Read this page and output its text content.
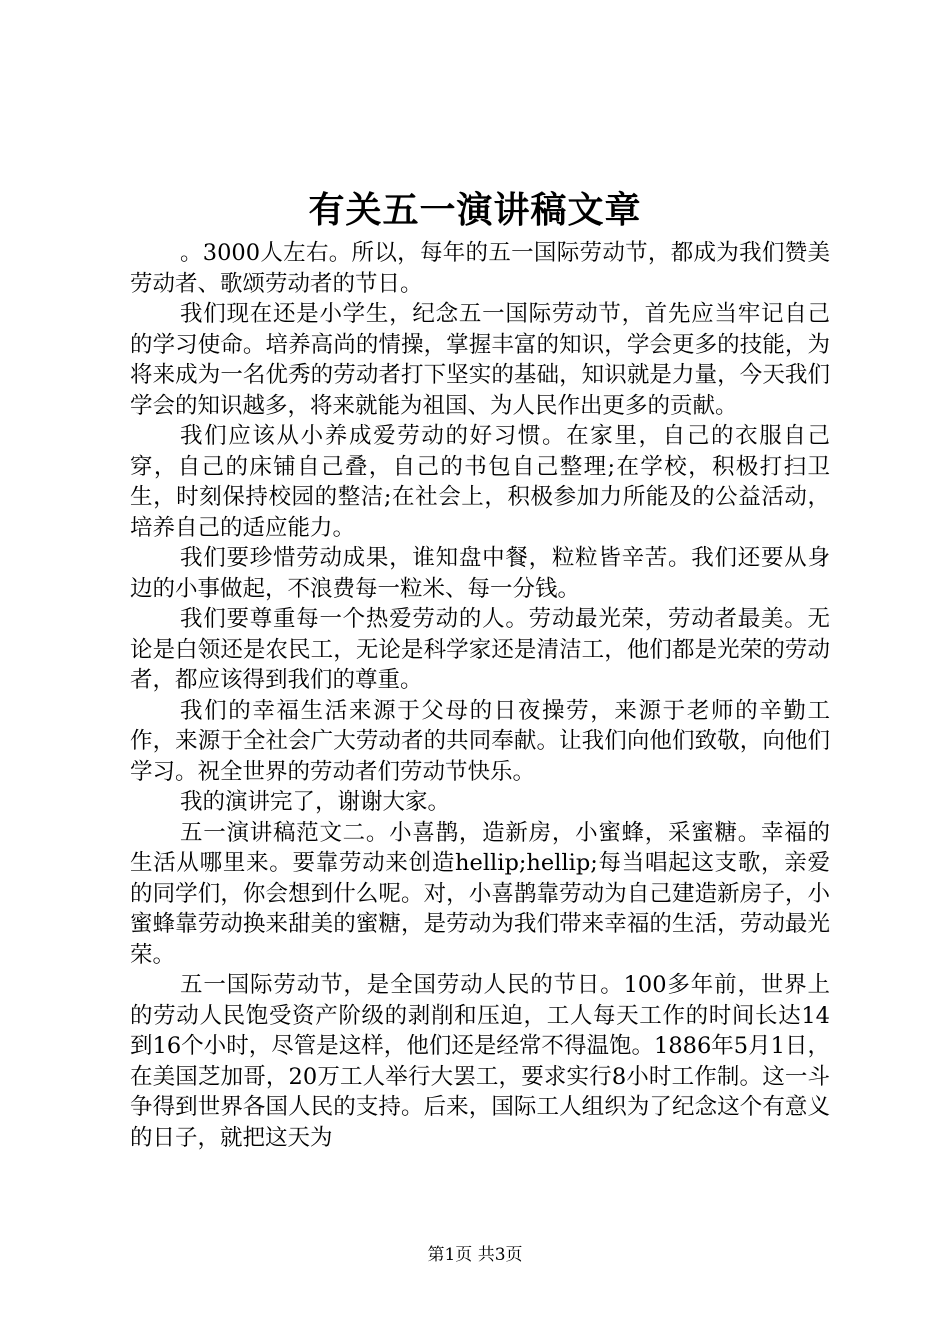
有关五一演讲稿文章

。3000人左右。所以，每年的五一国际劳动节，都成为我们赞美劳动者、歌颂劳动者的节日。

我们现在还是小学生，纪念五一国际劳动节，首先应当牢记自己的学习使命。培养高尚的情操，掌握丰富的知识，学会更多的技能，为将来成为一名优秀的劳动者打下坚实的基础，知识就是力量，今天我们学会的知识越多，将来就能为祖国、为人民作出更多的贡献。

我们应该从小养成爱劳动的好习惯。在家里，自己的衣服自己穿，自己的床铺自己叠，自己的书包自己整理;在学校，积极打扫卫生，时刻保持校园的整洁;在社会上，积极参加力所能及的公益活动，培养自己的适应能力。

我们要珍惜劳动成果，谁知盘中餐，粒粒皆辛苦。我们还要从身边的小事做起，不浪费每一粒米、每一分钱。

我们要尊重每一个热爱劳动的人。劳动最光荣，劳动者最美。无论是白领还是农民工，无论是科学家还是清洁工，他们都是光荣的劳动者，都应该得到我们的尊重。

我们的幸福生活来源于父母的日夜操劳，来源于老师的辛勤工作，来源于全社会广大劳动者的共同奉献。让我们向他们致敬，向他们学习。祝全世界的劳动者们劳动节快乐。

我的演讲完了，谢谢大家。

五一演讲稿范文二。小喜鹊，造新房，小蜜蜂，采蜜糖。幸福的生活从哪里来。要靠劳动来创造hellip;hellip;每当唱起这支歌，亲爱的同学们，你会想到什么呢。对，小喜鹊靠劳动为自己建造新房子，小蜜蜂靠劳动换来甜美的蜜糖，是劳动为我们带来幸福的生活，劳动最光荣。

五一国际劳动节，是全国劳动人民的节日。100多年前，世界上的劳动人民饱受资产阶级的剥削和压迫，工人每天工作的时间长达14到16个小时，尽管是这样，他们还是经常不得温饱。1886年5月1日，在美国芝加哥，20万工人举行大罢工，要求实行8小时工作制。这一斗争得到世界各国人民的支持。后来，国际工人组织为了纪念这个有意义的日子，就把这天为

第1页 共3页
